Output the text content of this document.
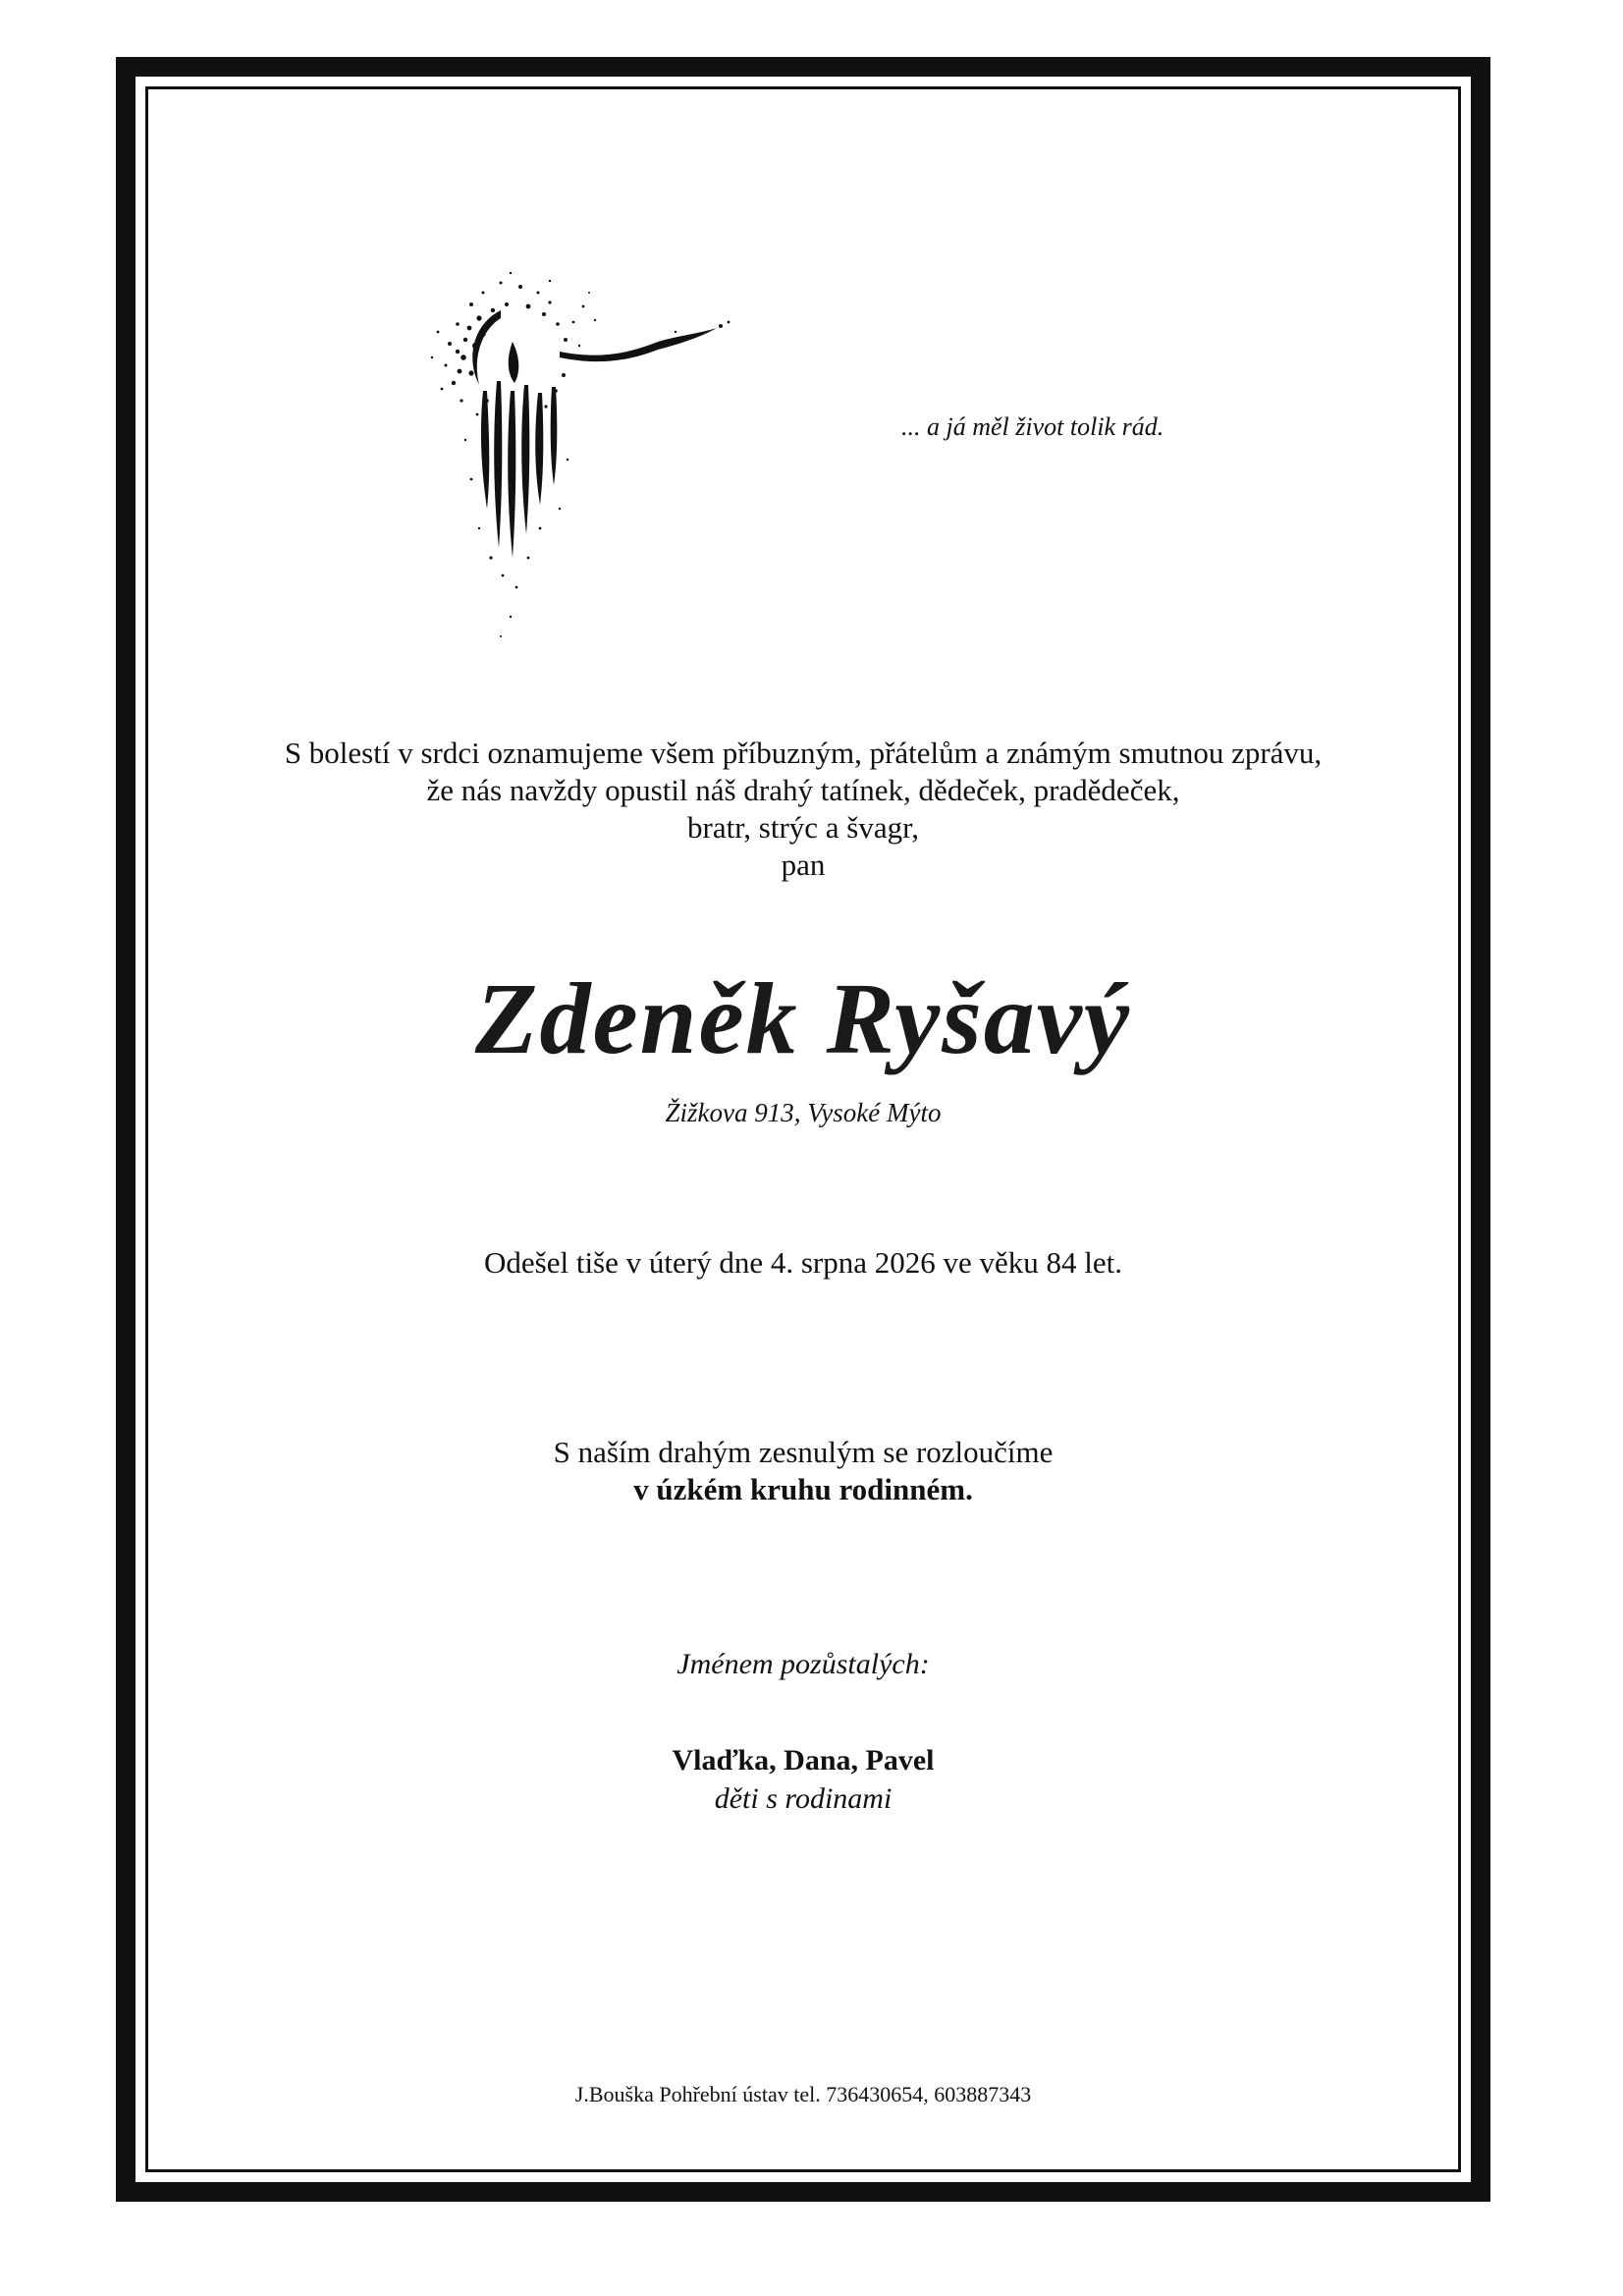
... a já měl život tolik rád.
S bolestí v srdci oznamujeme všem příbuzným, přátelům a známým smutnou zprávu,
že nás navždy opustil náš drahý tatínek, dědeček, pradědeček,
bratr, strýc a švagr,
pan
Zdeněk Ryšavý
Žižkova 913, Vysoké Mýto
Odešel tiše v úterý dne 4. srpna 2026 ve věku 84 let.
S naším drahým zesnulým se rozloučíme
v úzkém kruhu rodinném.
Jménem pozůstalých:
Vlaďka, Dana, Pavel
děti s rodinami
J.Bouška Pohřební ústav tel. 736430654, 603887343
